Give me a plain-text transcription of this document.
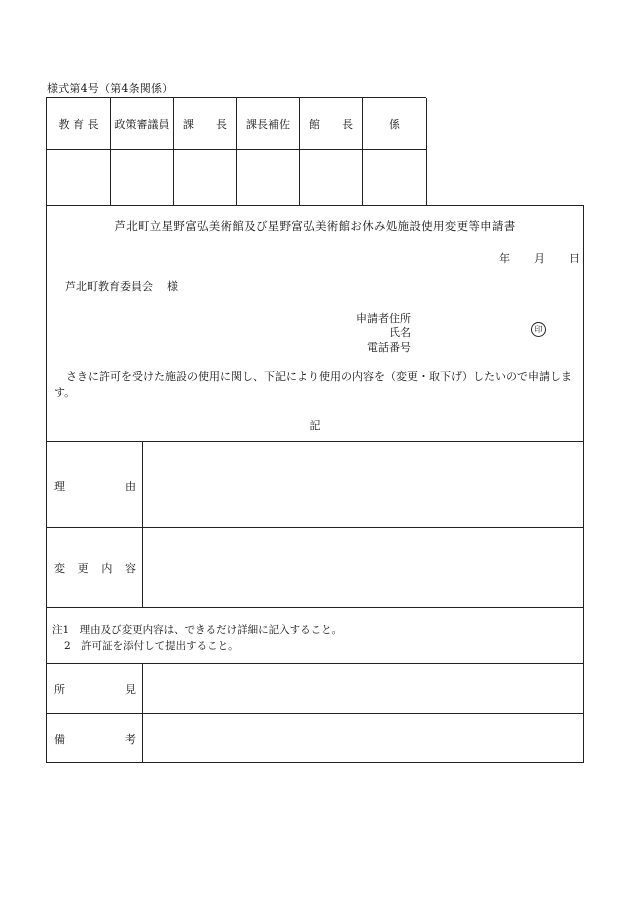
様式第4号（第4条関係）
教 育 長	政策審議員	課　　長	課長補佐	館　　長	係
芦北町立星野富弘美術館及び星野富弘美術館お休み処施設使用変更等申請書
年 月 日
芦北町教育委員会 様
申請者住所
氏名	印
電話番号
さきに許可を受けた施設の使用に関し、下記により使用の内容を（変更・取下げ）したいので申請します。
記
理	由
変 更 内 容
注1　理由及び変更内容は、できるだけ詳細に記入すること。
2　許可証を添付して提出すること。
所	見
備	考
